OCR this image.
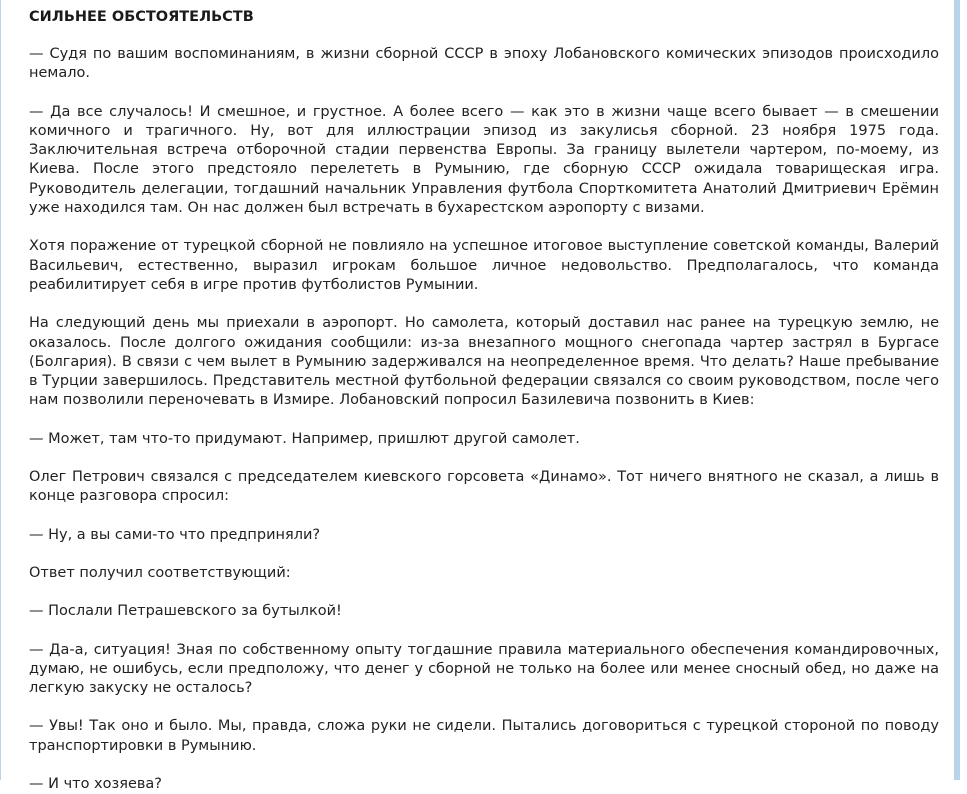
СИЛЬНЕЕ ОБСТОЯТЕЛЬСТВ

— Судя по вашим воспоминаниям, в жизни сборной СССР в эпоху Лобановского комических эпизодов происходило немало.

— Да все случалось! И смешное, и грустное. А более всего — как это в жизни чаще всего бывает — в смешении комичного и трагичного. Ну, вот для иллюстрации эпизод из закулисья сборной. 23 ноября 1975 года. Заключительная встреча отборочной стадии первенства Европы. За границу вылетели чартером, по-моему, из Киева. После этого предстояло перелететь в Румынию, где сборную СССР ожидала товарищеская игра. Руководитель делегации, тогдашний начальник Управления футбола Спорткомитета Анатолий Дмитриевич Ерёмин уже находился там. Он нас должен был встречать в бухарестском аэропорту с визами.

Хотя поражение от турецкой сборной не повлияло на успешное итоговое выступление советской команды, Валерий Васильевич, естественно, выразил игрокам большое личное недовольство. Предполагалось, что команда реабилитирует себя в игре против футболистов Румынии.

На следующий день мы приехали в аэропорт. Но самолета, который доставил нас ранее на турецкую землю, не оказалось. После долгого ожидания сообщили: из-за внезапного мощного снегопада чартер застрял в Бургасе (Болгария). В связи с чем вылет в Румынию задерживался на неопределенное время. Что делать? Наше пребывание в Турции завершилось. Представитель местной футбольной федерации связался со своим руководством, после чего нам позволили переночевать в Измире. Лобановский попросил Базилевича позвонить в Киев:

— Может, там что-то придумают. Например, пришлют другой самолет.

Олег Петрович связался с председателем киевского горсовета «Динамо». Тот ничего внятного не сказал, а лишь в конце разговора спросил:

— Ну, а вы сами-то что предприняли?

Ответ получил соответствующий:

— Послали Петрашевского за бутылкой!

— Да-а, ситуация! Зная по собственному опыту тогдашние правила материального обеспечения командировочных, думаю, не ошибусь, если предположу, что денег у сборной не только на более или менее сносный обед, но даже на легкую закуску не осталось?

— Увы! Так оно и было. Мы, правда, сложа руки не сидели. Пытались договориться с турецкой стороной по поводу транспортировки в Румынию.

— И что хозяева?
